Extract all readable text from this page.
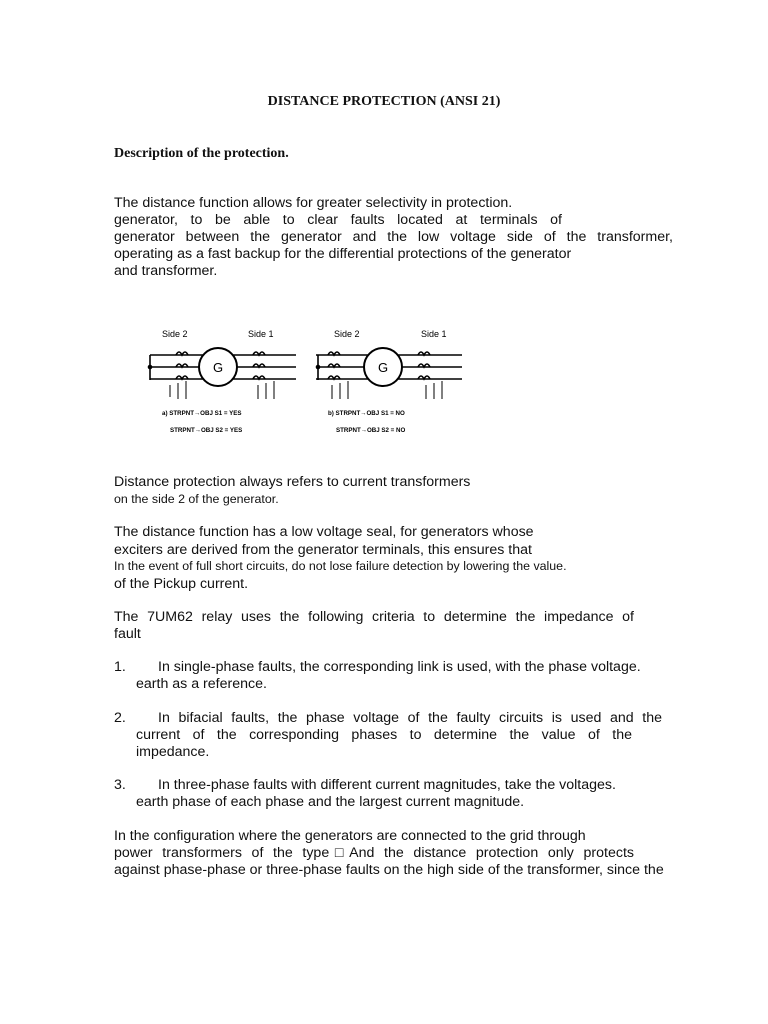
DISTANCE PROTECTION (ANSI 21)
Description of the protection.
The distance function allows for greater selectivity in protection.
generator, to be able to clear faults located at terminals of
generator between the generator and the low voltage side of the transformer,
operating as a fast backup for the differential protections of the generator
and transformer.
Side 2	Side 1	Side 2	Side 1
G	G
a) STRPNT→OBJ S1 = YES
STRPNT→OBJ S2 = YES
b) STRPNT→OBJ S1 = NO
STRPNT→OBJ S2 = NO
Distance protection always refers to current transformers
on the side 2 of the generator.
The distance function has a low voltage seal, for generators whose
exciters are derived from the generator terminals, this ensures that
In the event of full short circuits, do not lose failure detection by lowering the value.
of the Pickup current.
The 7UM62 relay uses the following criteria to determine the impedance of
fault
1. In single-phase faults, the corresponding link is used, with the phase voltage.
earth as a reference.
2. In bifacial faults, the phase voltage of the faulty circuits is used and the
current of the corresponding phases to determine the value of the
impedance.
3. In three-phase faults with different current magnitudes, take the voltages.
earth phase of each phase and the largest current magnitude.
In the configuration where the generators are connected to the grid through
power transformers of the type□And the distance protection only protects
against phase-phase or three-phase faults on the high side of the transformer, since the
